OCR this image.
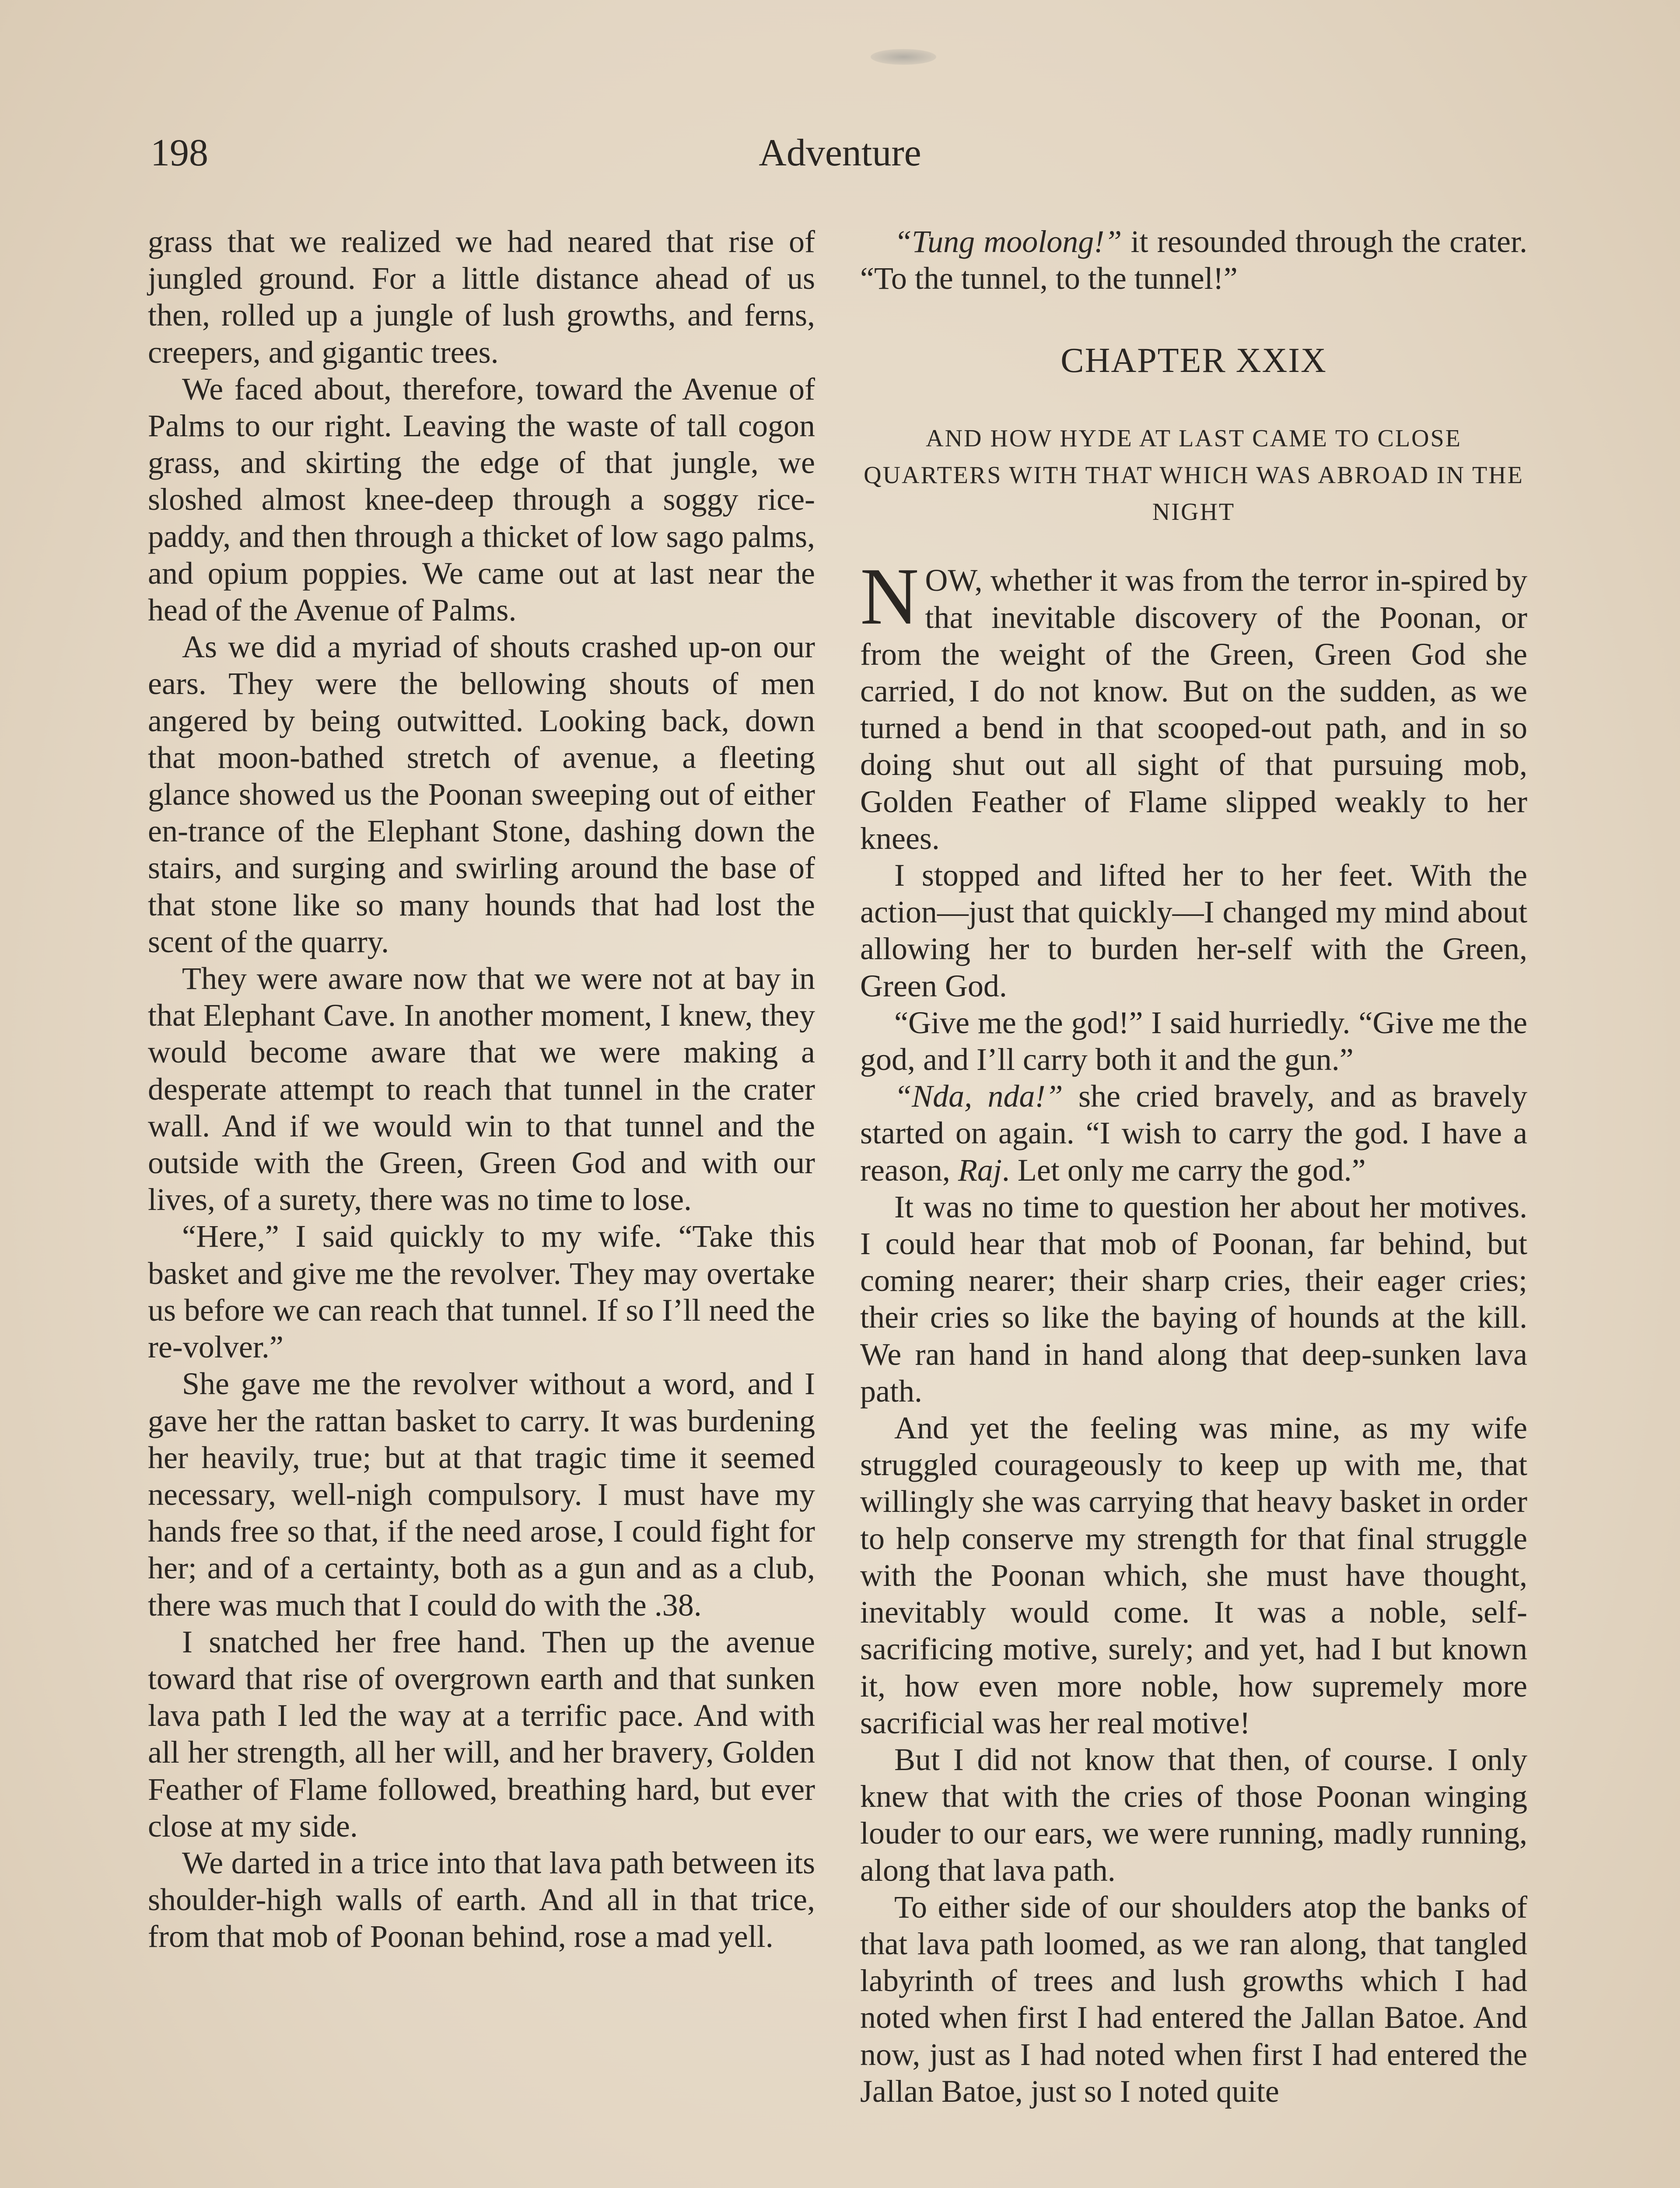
198	Adventure

grass that we realized we had neared that rise of jungled ground. For a little distance ahead of us then, rolled up a jungle of lush growths, and ferns, creepers, and gigantic trees.

We faced about, therefore, toward the Avenue of Palms to our right. Leaving the waste of tall cogon grass, and skirting the edge of that jungle, we sloshed almost knee-deep through a soggy rice-paddy, and then through a thicket of low sago palms, and opium poppies. We came out at last near the head of the Avenue of Palms.

As we did a myriad of shouts crashed up-on our ears. They were the bellowing shouts of men angered by being outwitted. Looking back, down that moon-bathed stretch of avenue, a fleeting glance showed us the Poonan sweeping out of either en-trance of the Elephant Stone, dashing down the stairs, and surging and swirling around the base of that stone like so many hounds that had lost the scent of the quarry.

They were aware now that we were not at bay in that Elephant Cave. In another moment, I knew, they would become aware that we were making a desperate attempt to reach that tunnel in the crater wall. And if we would win to that tunnel and the outside with the Green, Green God and with our lives, of a surety, there was no time to lose.

“Here,” I said quickly to my wife. “Take this basket and give me the revolver. They may overtake us before we can reach that tunnel. If so I’ll need the re-volver.”

She gave me the revolver without a word, and I gave her the rattan basket to carry. It was burdening her heavily, true; but at that tragic time it seemed necessary, well-nigh compulsory. I must have my hands free so that, if the need arose, I could fight for her; and of a certainty, both as a gun and as a club, there was much that I could do with the .38.

I snatched her free hand. Then up the avenue toward that rise of overgrown earth and that sunken lava path I led the way at a terrific pace. And with all her strength, all her will, and her bravery, Golden Feather of Flame followed, breathing hard, but ever close at my side.

We darted in a trice into that lava path between its shoulder-high walls of earth. And all in that trice, from that mob of Poonan behind, rose a mad yell.

“Tung moolong!” it resounded through the crater. “To the tunnel, to the tunnel!”

CHAPTER XXIX
AND HOW HYDE AT LAST CAME TO CLOSE QUARTERS WITH THAT WHICH WAS ABROAD IN THE NIGHT

NOW, whether it was from the terror in-spired by that inevitable discovery of the Poonan, or from the weight of the Green, Green God she carried, I do not know. But on the sudden, as we turned a bend in that scooped-out path, and in so doing shut out all sight of that pursuing mob, Golden Feather of Flame slipped weakly to her knees.

I stopped and lifted her to her feet. With the action—just that quickly—I changed my mind about allowing her to burden her-self with the Green, Green God.

“Give me the god!” I said hurriedly. “Give me the god, and I’ll carry both it and the gun.”

“Nda, nda!” she cried bravely, and as bravely started on again. “I wish to carry the god. I have a reason, Raj. Let only me carry the god.”

It was no time to question her about her motives. I could hear that mob of Poonan, far behind, but coming nearer; their sharp cries, their eager cries; their cries so like the baying of hounds at the kill. We ran hand in hand along that deep-sunken lava path.

And yet the feeling was mine, as my wife struggled courageously to keep up with me, that willingly she was carrying that heavy basket in order to help conserve my strength for that final struggle with the Poonan which, she must have thought, inevitably would come. It was a noble, self-sacrificing motive, surely; and yet, had I but known it, how even more noble, how supremely more sacrificial was her real motive!

But I did not know that then, of course. I only knew that with the cries of those Poonan winging louder to our ears, we were running, madly running, along that lava path.

To either side of our shoulders atop the banks of that lava path loomed, as we ran along, that tangled labyrinth of trees and lush growths which I had noted when first I had entered the Jallan Batoe. And now, just as I had noted when first I had entered the Jallan Batoe, just so I noted quite
